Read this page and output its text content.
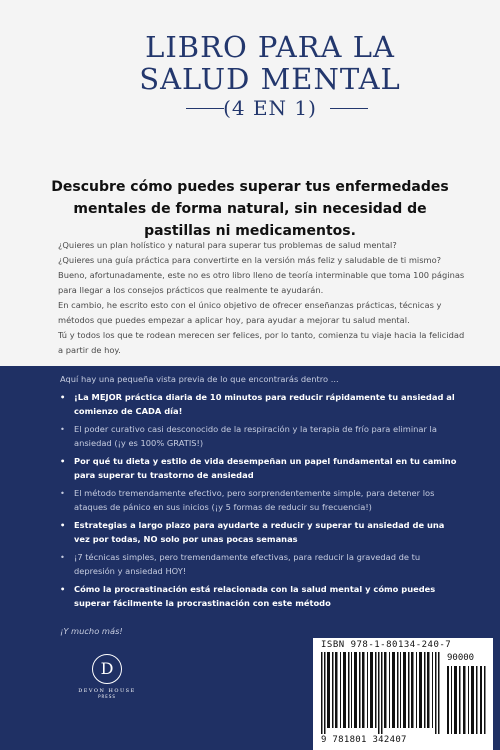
LIBRO PARA LA
SALUD MENTAL
(4 EN 1)
Descubre cómo puedes superar tus enfermedades mentales de forma natural, sin necesidad de pastillas ni medicamentos.

¿Quieres un plan holístico y natural para superar tus problemas de salud mental?

¿Quieres una guía práctica para convertirte en la versión más feliz y saludable de ti mismo?

Bueno, afortunadamente, este no es otro libro lleno de teoría interminable que toma 100 páginas para llegar a los consejos prácticos que realmente te ayudarán.

En cambio, he escrito esto con el único objetivo de ofrecer enseñanzas prácticas, técnicas y métodos que puedes empezar a aplicar hoy, para ayudar a mejorar tu salud mental.

Tú y todos los que te rodean merecen ser felices, por lo tanto, comienza tu viaje hacia la felicidad a partir de hoy.

Aquí hay una pequeña vista previa de lo que encontrarás dentro ...
• ¡La MEJOR práctica diaria de 10 minutos para reducir rápidamente tu ansiedad al comienzo de CADA día!
• El poder curativo casi desconocido de la respiración y la terapia de frío para eliminar la ansiedad (¡y es 100% GRATIS!)
• Por qué tu dieta y estilo de vida desempeñan un papel fundamental en tu camino para superar tu trastorno de ansiedad
• El método tremendamente efectivo, pero sorprendentemente simple, para detener los ataques de pánico en sus inicios (¡y 5 formas de reducir su frecuencia!)
• Estrategias a largo plazo para ayudarte a reducir y superar tu ansiedad de una vez por todas, NO solo por unas pocas semanas
• ¡7 técnicas simples, pero tremendamente efectivas, para reducir la gravedad de tu depresión y ansiedad HOY!
• Cómo la procrastinación está relacionada con la salud mental y cómo puedes superar fácilmente la procrastinación con este método
¡Y mucho más!
D
DEVON HOUSE
PRESS
ISBN 978-1-80134-240-7
90000
9 781801 342407
